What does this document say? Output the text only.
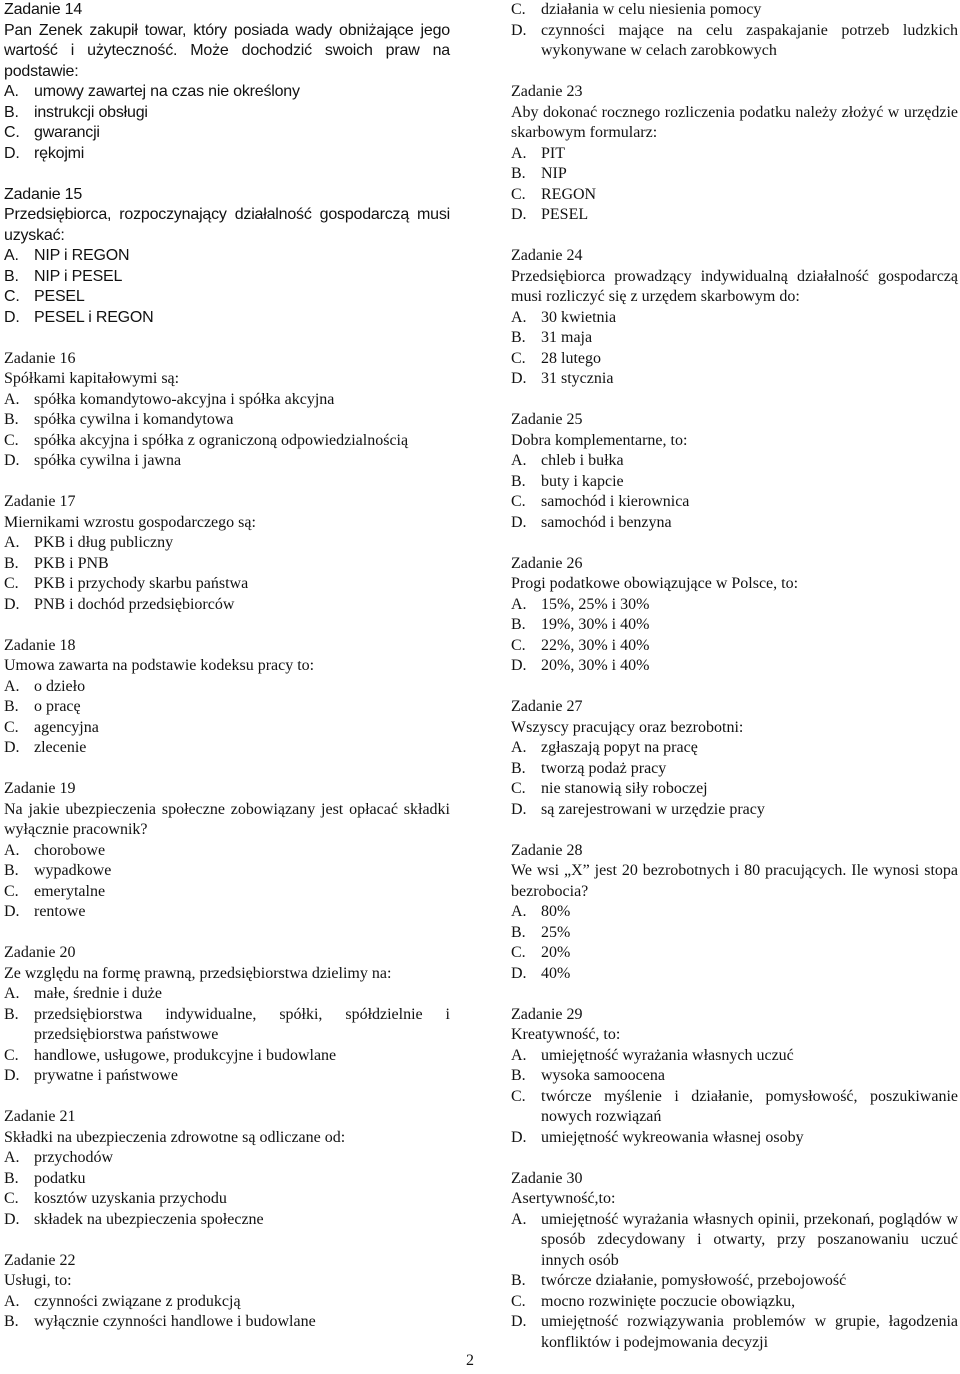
Zadanie 14

Pan Zenek zakupił towar, który posiada wady obniżające jego wartość i użyteczność. Może dochodzić swoich praw na podstawie:

A. umowy zawartej na czas nie określony
B. instrukcji obsługi
C. gwarancji
D. rękojmi

Zadanie 15

Przedsiębiorca, rozpoczynający działalność gospodarczą musi uzyskać:

A. NIP i REGON
B. NIP i PESEL
C. PESEL
D. PESEL i REGON

Zadanie 16

Spółkami kapitałowymi są:

A. spółka komandytowo-akcyjna i spółka akcyjna
B. spółka cywilna i komandytowa
C. spółka akcyjna i spółka z ograniczoną odpowiedzialnością
D. spółka cywilna i jawna

Zadanie 17

Miernikami wzrostu gospodarczego są:

A. PKB i dług publiczny
B. PKB i PNB
C. PKB i przychody skarbu państwa
D. PNB i dochód przedsiębiorców

Zadanie 18

Umowa zawarta na podstawie kodeksu pracy to:

A. o dzieło
B. o pracę
C. agencyjna
D. zlecenie

Zadanie 19

Na jakie ubezpieczenia społeczne zobowiązany jest opłacać składki wyłącznie pracownik?

A. chorobowe
B. wypadkowe
C. emerytalne
D. rentowe

Zadanie 20

Ze względu na formę prawną, przedsiębiorstwa dzielimy na:

A. małe, średnie i duże
B. przedsiębiorstwa indywidualne, spółki, spółdzielnie i przedsiębiorstwa państwowe
C. handlowe, usługowe, produkcyjne i budowlane
D. prywatne i państwowe

Zadanie 21

Składki na ubezpieczenia zdrowotne są odliczane od:

A. przychodów
B. podatku
C. kosztów uzyskania przychodu
D. składek na ubezpieczenia społeczne

Zadanie 22

Usługi, to:

A. czynności związane z produkcją
B. wyłącznie czynności handlowe i budowlane
C. działania w celu niesienia pomocy
D. czynności mające na celu zaspakajanie potrzeb ludzkich wykonywane w celach zarobkowych

Zadanie 23

Aby dokonać rocznego rozliczenia podatku należy złożyć w urzędzie skarbowym formularz:

A. PIT
B. NIP
C. REGON
D. PESEL

Zadanie 24

Przedsiębiorca prowadzący indywidualną działalność gospodarczą musi rozliczyć się z urzędem skarbowym do:

A. 30 kwietnia
B. 31 maja
C. 28 lutego
D. 31 stycznia

Zadanie 25

Dobra komplementarne, to:

A. chleb i bułka
B. buty i kapcie
C. samochód i kierownica
D. samochód i benzyna

Zadanie 26

Progi podatkowe obowiązujące w Polsce, to:

A. 15%, 25% i 30%
B. 19%, 30% i 40%
C. 22%, 30% i 40%
D. 20%, 30% i 40%

Zadanie 27

Wszyscy pracujący oraz bezrobotni:

A. zgłaszają popyt na pracę
B. tworzą podaż pracy
C. nie stanowią siły roboczej
D. są zarejestrowani w urzędzie pracy

Zadanie 28

We wsi „X” jest 20 bezrobotnych i 80 pracujących. Ile wynosi stopa bezrobocia?

A. 80%
B. 25%
C. 20%
D. 40%

Zadanie 29

Kreatywność, to:

A. umiejętność wyrażania własnych uczuć
B. wysoka samoocena
C. twórcze myślenie i działanie, pomysłowość, poszukiwanie nowych rozwiązań
D. umiejętność wykreowania własnej osoby

Zadanie 30

Asertywność,to:

A. umiejętność wyrażania własnych opinii, przekonań, poglądów w sposób zdecydowany i otwarty, przy poszanowaniu uczuć innych osób
B. twórcze działanie, pomysłowość, przebojowość
C. mocno rozwinięte poczucie obowiązku,
D. umiejętność rozwiązywania problemów w grupie, łagodzenia konfliktów i podejmowania decyzji
2
